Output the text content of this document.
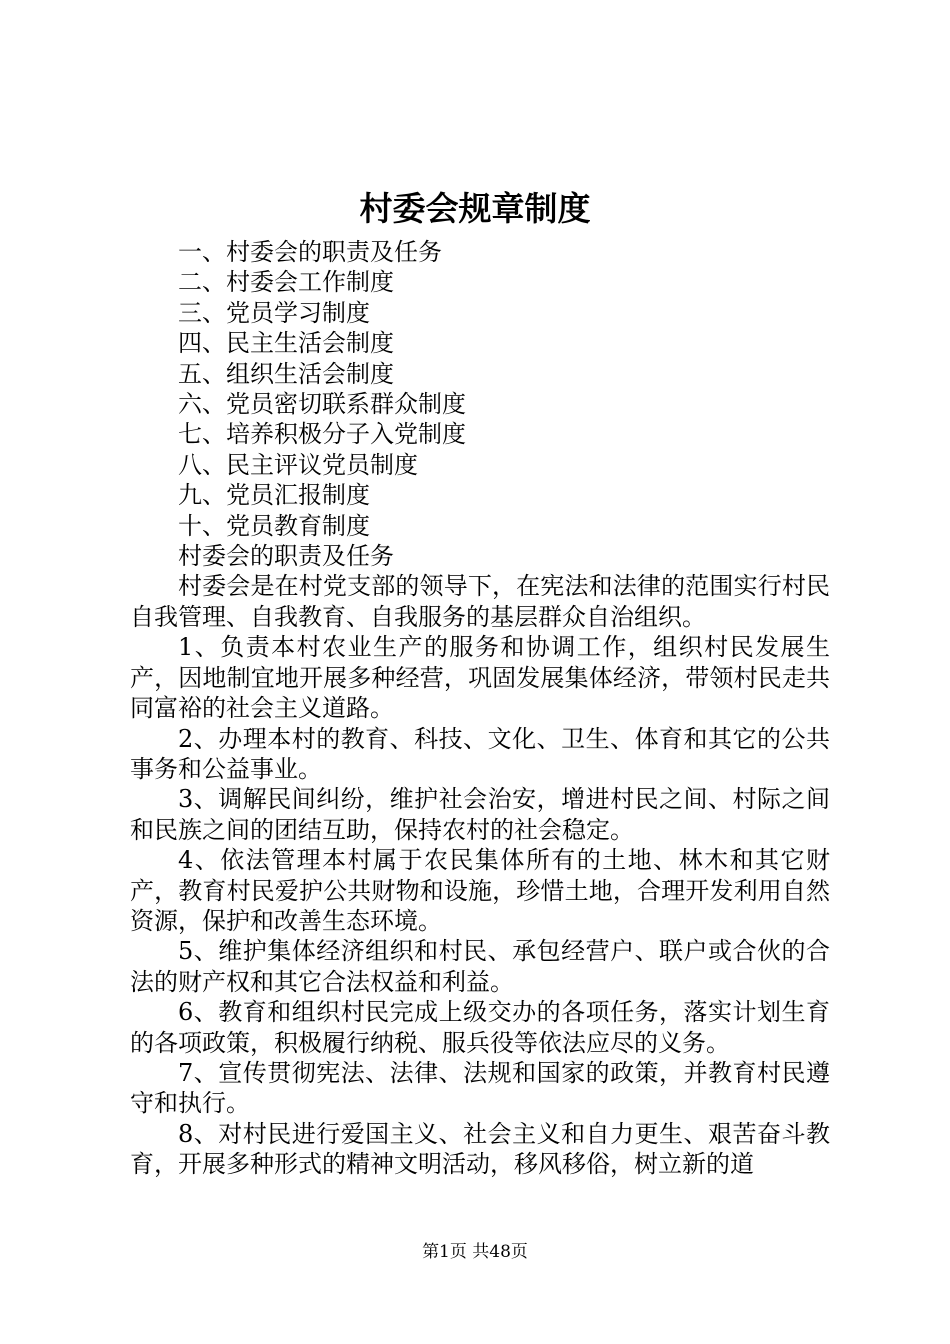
村委会规章制度
一、村委会的职责及任务
二、村委会工作制度
三、党员学习制度
四、民主生活会制度
五、组织生活会制度
六、党员密切联系群众制度
七、培养积极分子入党制度
八、民主评议党员制度
九、党员汇报制度
十、党员教育制度
村委会的职责及任务

村委会是在村党支部的领导下，在宪法和法律的范围实行村民自我管理、自我教育、自我服务的基层群众自治组织。

1、负责本村农业生产的服务和协调工作，组织村民发展生产，因地制宜地开展多种经营，巩固发展集体经济，带领村民走共同富裕的社会主义道路。

2、办理本村的教育、科技、文化、卫生、体育和其它的公共事务和公益事业。

3、调解民间纠纷，维护社会治安，增进村民之间、村际之间和民族之间的团结互助，保持农村的社会稳定。

4、依法管理本村属于农民集体所有的土地、林木和其它财产，教育村民爱护公共财物和设施，珍惜土地，合理开发利用自然资源，保护和改善生态环境。

5、维护集体经济组织和村民、承包经营户、联户或合伙的合法的财产权和其它合法权益和利益。

6、教育和组织村民完成上级交办的各项任务，落实计划生育的各项政策，积极履行纳税、服兵役等依法应尽的义务。

7、宣传贯彻宪法、法律、法规和国家的政策，并教育村民遵守和执行。

8、对村民进行爱国主义、社会主义和自力更生、艰苦奋斗教育，开展多种形式的精神文明活动，移风移俗，树立新的道

第1页 共48页
